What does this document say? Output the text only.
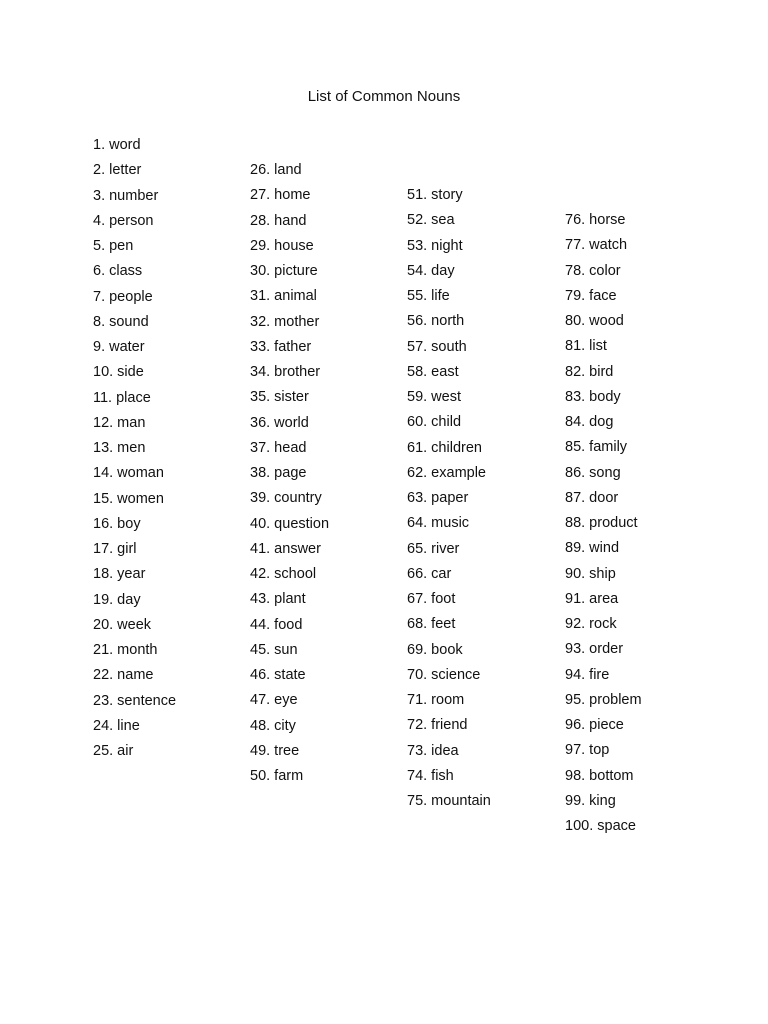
List of Common Nouns
1. word
2. letter
3. number
4. person
5. pen
6. class
7. people
8. sound
9. water
10. side
11. place
12. man
13. men
14. woman
15. women
16. boy
17. girl
18. year
19. day
20. week
21. month
22. name
23. sentence
24. line
25. air
26. land
27. home
28. hand
29. house
30. picture
31. animal
32. mother
33. father
34. brother
35. sister
36. world
37. head
38. page
39. country
40. question
41. answer
42. school
43. plant
44. food
45. sun
46. state
47. eye
48. city
49. tree
50. farm
51. story
52. sea
53. night
54. day
55. life
56. north
57. south
58. east
59. west
60. child
61. children
62. example
63. paper
64. music
65. river
66. car
67. foot
68. feet
69. book
70. science
71. room
72. friend
73. idea
74. fish
75. mountain
76. horse
77. watch
78. color
79. face
80. wood
81. list
82. bird
83. body
84. dog
85. family
86. song
87. door
88. product
89. wind
90. ship
91. area
92. rock
93. order
94. fire
95. problem
96. piece
97. top
98. bottom
99. king
100. space
